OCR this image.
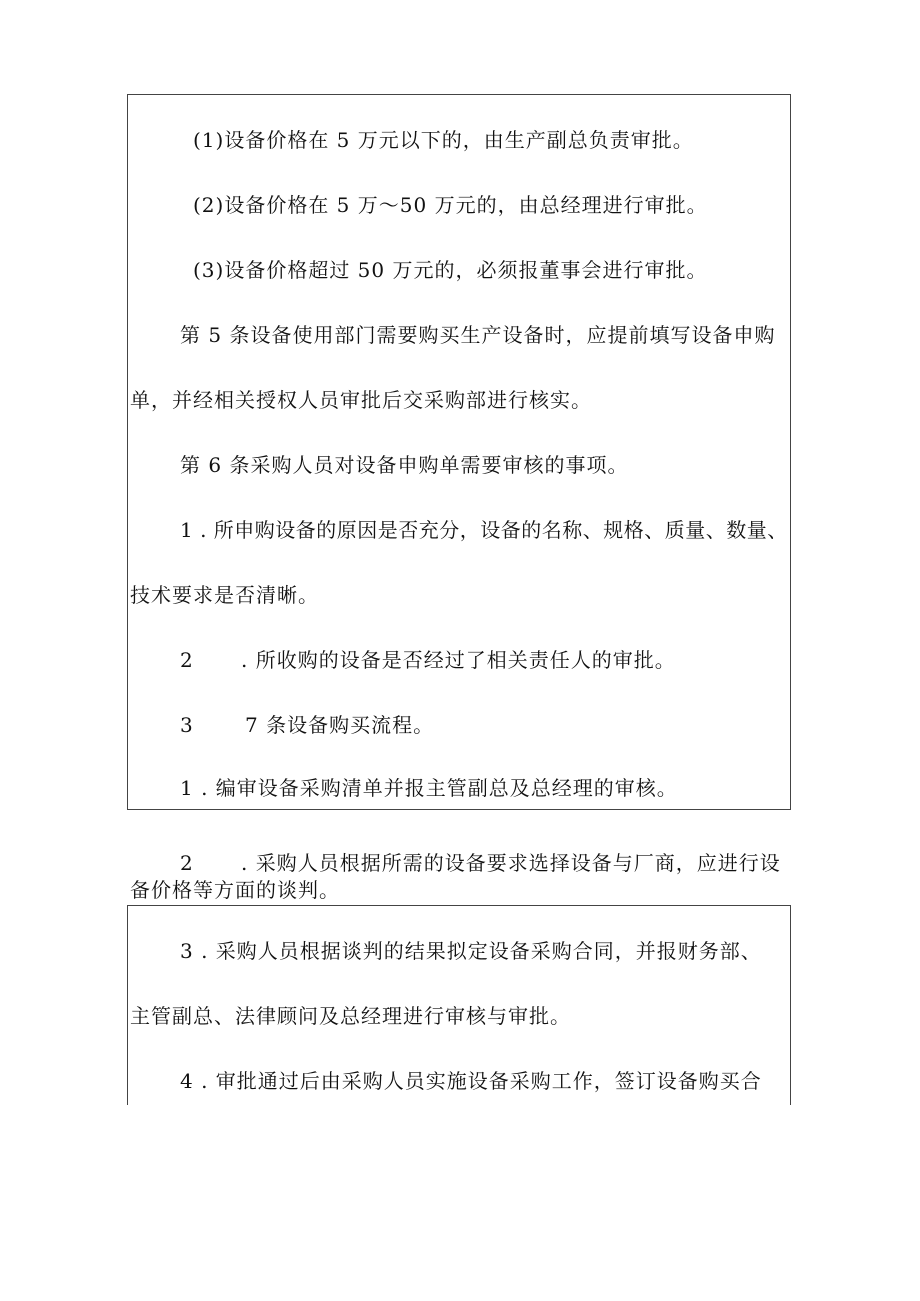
(1)设备价格在 5 万元以下的，由生产副总负责审批。
(2)设备价格在 5 万～50 万元的，由总经理进行审批。
(3)设备价格超过 50 万元的，必须报董事会进行审批。
第 5 条设备使用部门需要购买生产设备时，应提前填写设备申购
单，并经相关授权人员审批后交采购部进行核实。
第 6 条采购人员对设备申购单需要审核的事项。
1 . 所申购设备的原因是否充分，设备的名称、规格、质量、数量、
技术要求是否清晰。
2 . 所收购的设备是否经过了相关责任人的审批。
3	7 条设备购买流程。
1 . 编审设备采购清单并报主管副总及总经理的审核。
2 . 采购人员根据所需的设备要求选择设备与厂商，应进行设
备价格等方面的谈判。
3 . 采购人员根据谈判的结果拟定设备采购合同，并报财务部、
主管副总、法律顾问及总经理进行审核与审批。
4 . 审批通过后由采购人员实施设备采购工作，签订设备购买合
